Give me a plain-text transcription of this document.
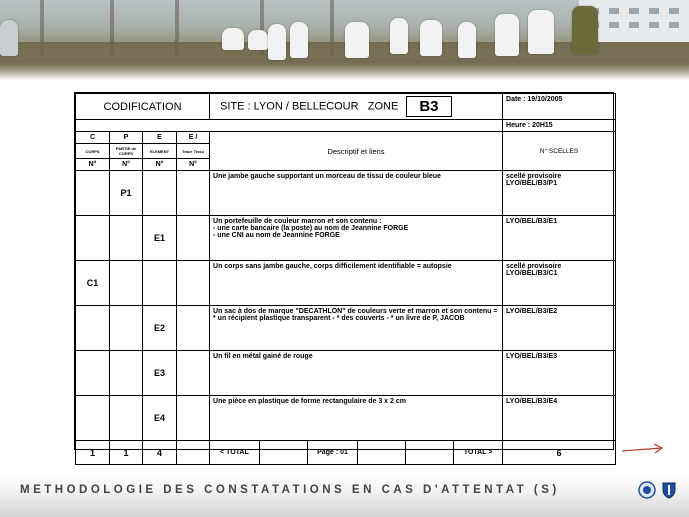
CODIFICATION				SITE : LYON / BELLECOUR   ZONE B3	Date : 19/10/2005

					Heure : 20H15
C	P	E	E /	Descriptif et liens	N° SCELLES
CORPS	PARTIE de CORPS	ELEMENT	Trace Tissu		
N°	N°	N°	N°		
	P1			Une jambe gauche supportant un morceau de tissu de couleur bleue	scellé provisoire
LYO/BEL/B3/P1
		E1		Un portefeuille de couleur marron et son contenu :
- une carte bancaire (la poste) au nom de Jeannine FORGE
- une CNI au nom de Jeannine FORGE	LYO/BEL/B3/E1
C1				Un corps sans jambe gauche, corps difficilement identifiable = autopsie	scellé provisoire
LYO/BEL/B3/C1
		E2		Un sac à dos de marque "DECATHLON" de couleurs verte et marron et son contenu = * un récipient plastique transparent - * des couverts - * un livre de P, JACOB	LYO/BEL/B3/E2
		E3		Un fil en métal gainé de rouge	LYO/BEL/B3/E3
		E4		Une pièce en plastique de forme rectangulaire de 3 x 2 cm	LYO/BEL/B3/E4
1	1	4		< TOTAL Page : 01 TOTAL >	6
METHODOLOGIE DES CONSTATATIONS EN CAS D'ATTENTAT (S)
